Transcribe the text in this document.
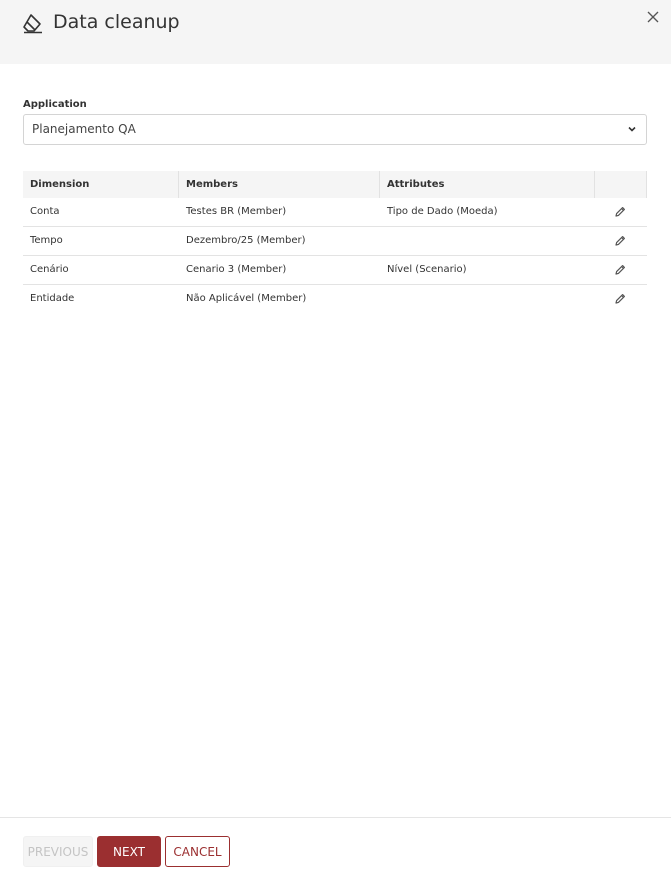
Data cleanup
Application
Planejamento QA
Dimension	Members	Attributes
Conta	Testes BR (Member)	Tipo de Dado (Moeda)
Tempo	Dezembro/25 (Member)
Cenário	Cenario 3 (Member)	Nível (Scenario)
Entidade	Não Aplicável (Member)
PREVIOUS	NEXT	CANCEL
